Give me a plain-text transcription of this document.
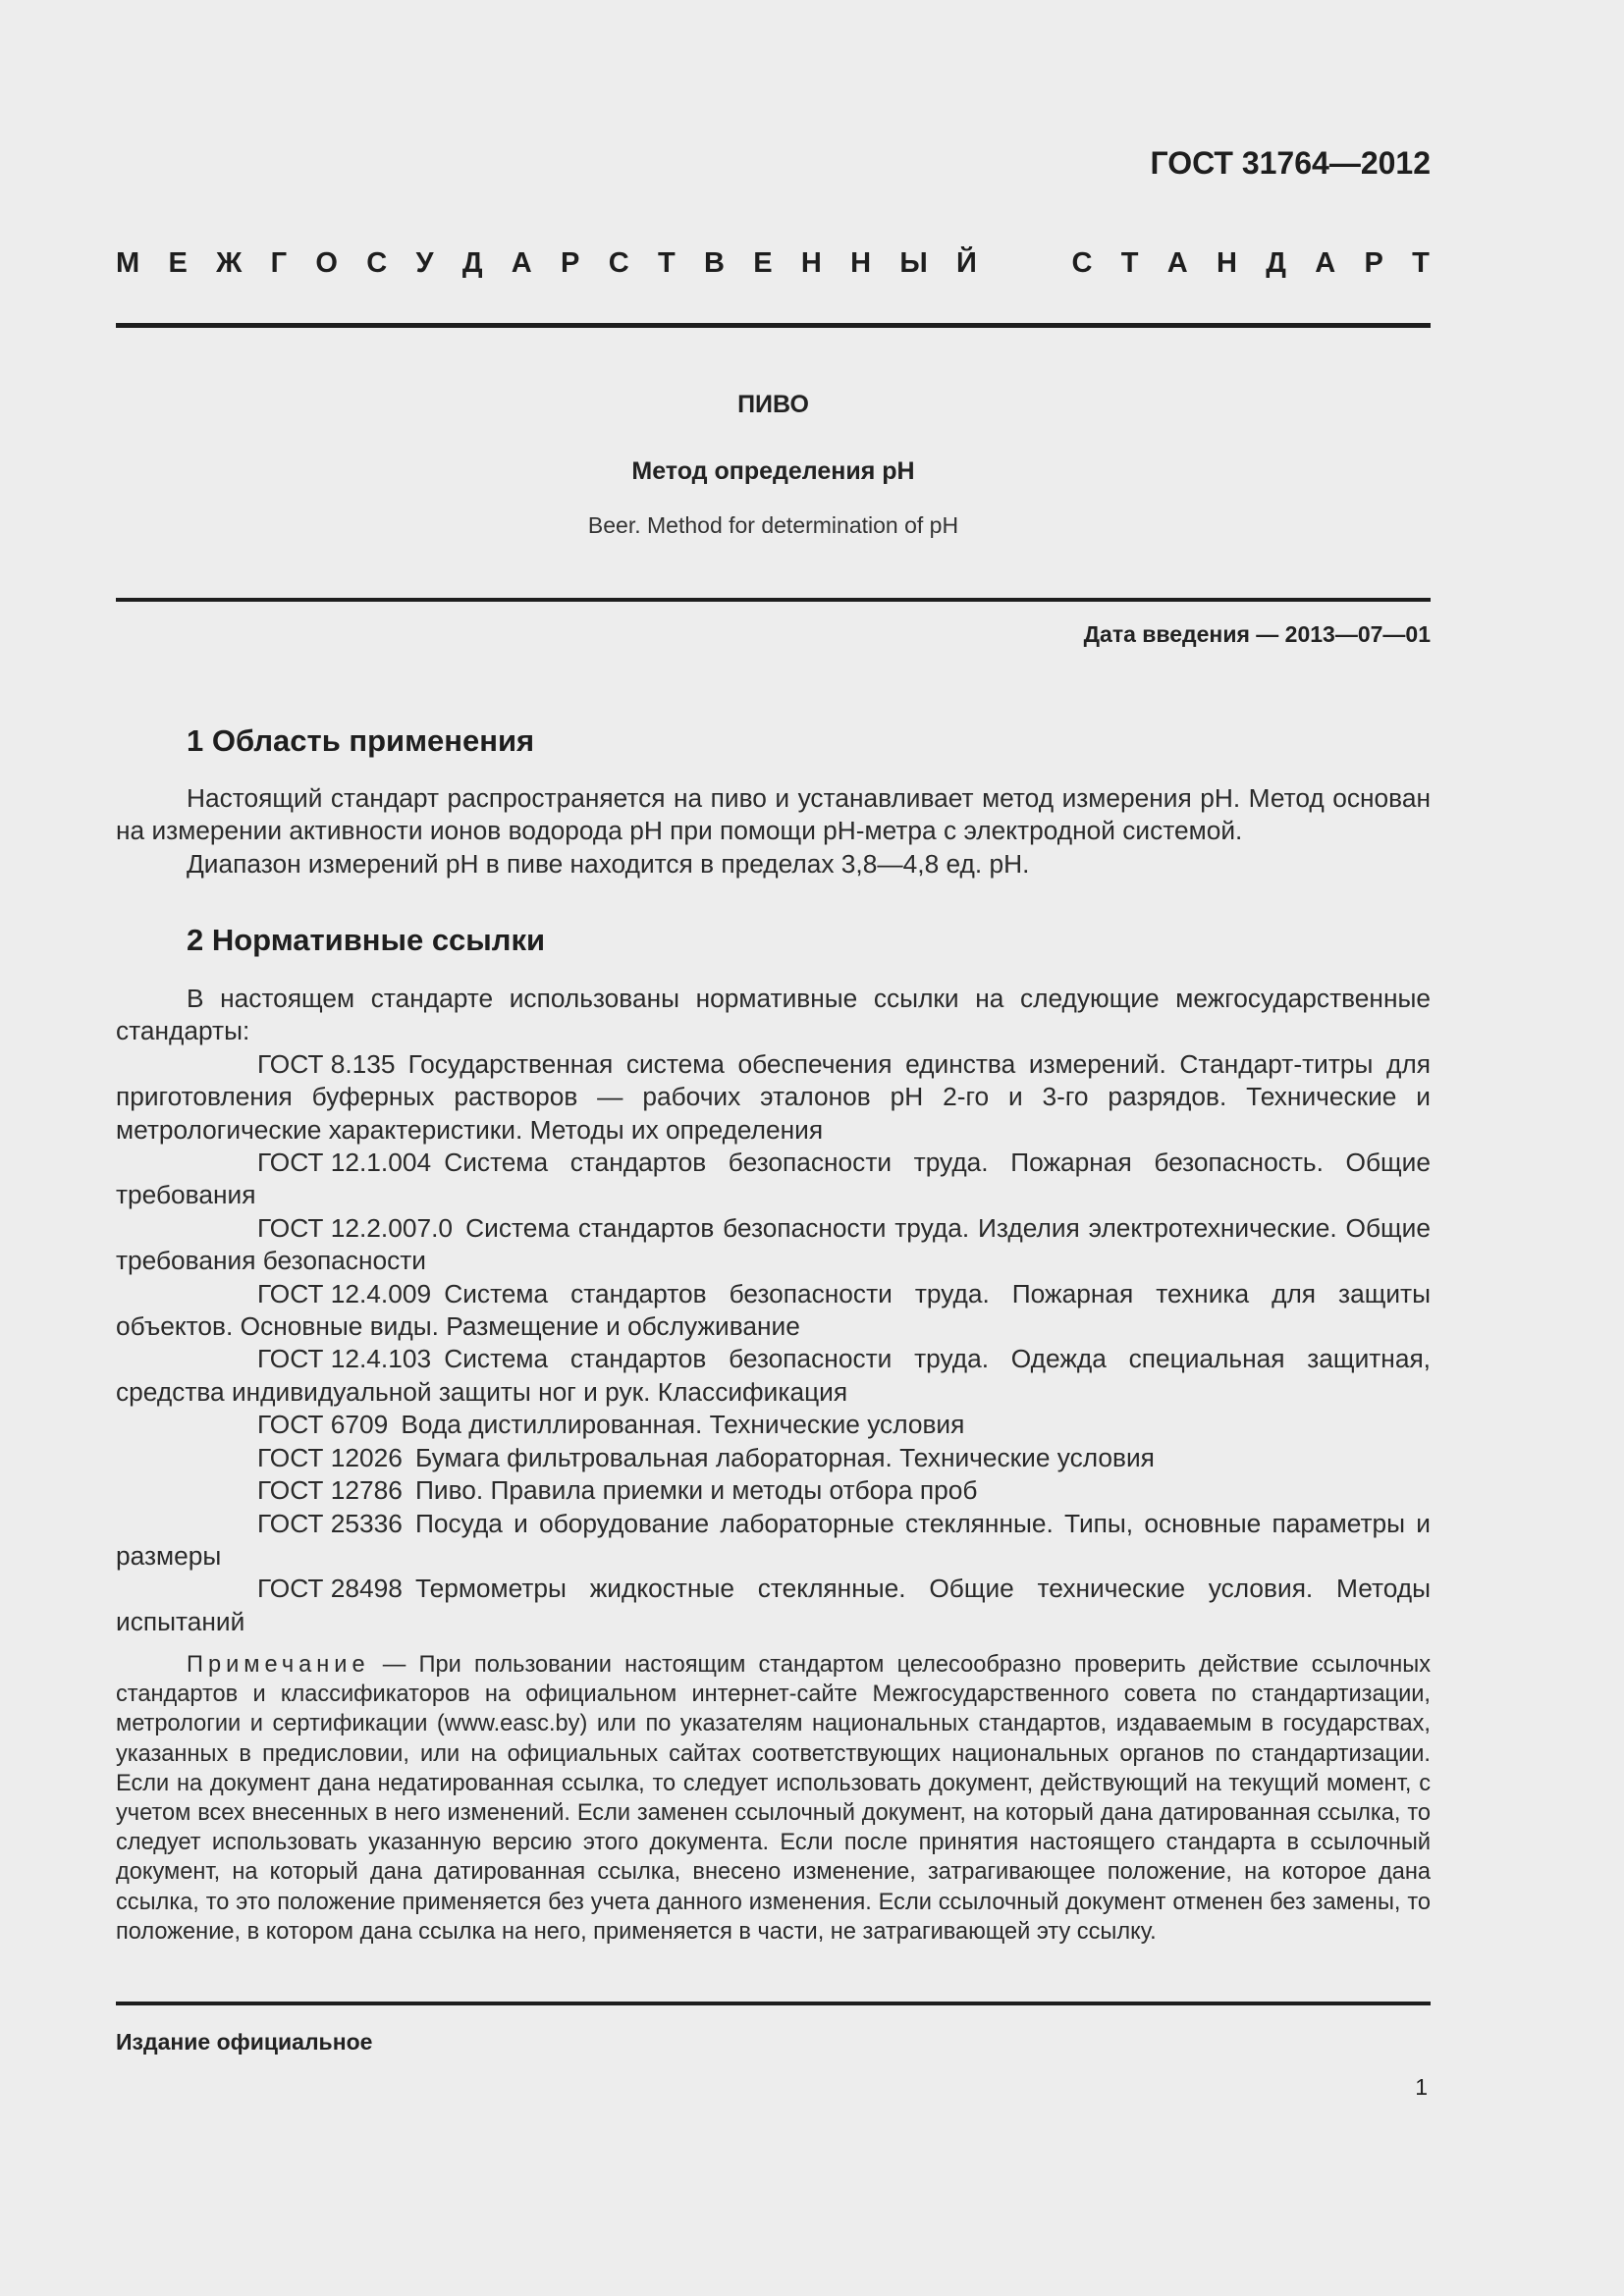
ГОСТ 31764—2012
М Е Ж Г О С У Д А Р С Т В Е Н Н Ы Й	С Т А Н Д А Р Т
ПИВО
Метод определения pH
Beer. Method for determination of pH
Дата введения — 2013—07—01
1 Область применения

Настоящий стандарт распространяется на пиво и устанавливает метод измерения pH. Метод основан на измерении активности ионов водорода pH при помощи pH-метра с электродной системой.

Диапазон измерений pH в пиве находится в пределах 3,8—4,8 ед. pH.

2 Нормативные ссылки

В настоящем стандарте использованы нормативные ссылки на следующие межгосударственные стандарты:

ГОСТ 8.135  Государственная система обеспечения единства измерений. Стандарт-титры для приготовления буферных растворов — рабочих эталонов pH 2-го и 3-го разрядов. Технические и метрологические характеристики. Методы их определения

ГОСТ 12.1.004  Система стандартов безопасности труда. Пожарная безопасность. Общие требования

ГОСТ 12.2.007.0  Система стандартов безопасности труда. Изделия электротехнические. Общие требования безопасности

ГОСТ 12.4.009  Система стандартов безопасности труда. Пожарная техника для защиты объектов. Основные виды. Размещение и обслуживание

ГОСТ 12.4.103  Система стандартов безопасности труда. Одежда специальная защитная, средства индивидуальной защиты ног и рук. Классификация

ГОСТ 6709  Вода дистиллированная. Технические условия

ГОСТ 12026  Бумага фильтровальная лабораторная. Технические условия

ГОСТ 12786  Пиво. Правила приемки и методы отбора проб

ГОСТ 25336  Посуда и оборудование лабораторные стеклянные. Типы, основные параметры и размеры

ГОСТ 28498  Термометры жидкостные стеклянные. Общие технические условия. Методы испытаний

Примечание — При пользовании настоящим стандартом целесообразно проверить действие ссылочных стандартов и классификаторов на официальном интернет-сайте Межгосударственного совета по стандартизации, метрологии и сертификации (www.easc.by) или по указателям национальных стандартов, издаваемым в государствах, указанных в предисловии, или на официальных сайтах соответствующих национальных органов по стандартизации. Если на документ дана недатированная ссылка, то следует использовать документ, действующий на текущий момент, с учетом всех внесенных в него изменений. Если заменен ссылочный документ, на который дана датированная ссылка, то следует использовать указанную версию этого документа. Если после принятия настоящего стандарта в ссылочный документ, на который дана датированная ссылка, внесено изменение, затрагивающее положение, на которое дана ссылка, то это положение применяется без учета данного изменения. Если ссылочный документ отменен без замены, то положение, в котором дана ссылка на него, применяется в части, не затрагивающей эту ссылку.

Издание официальное
1
